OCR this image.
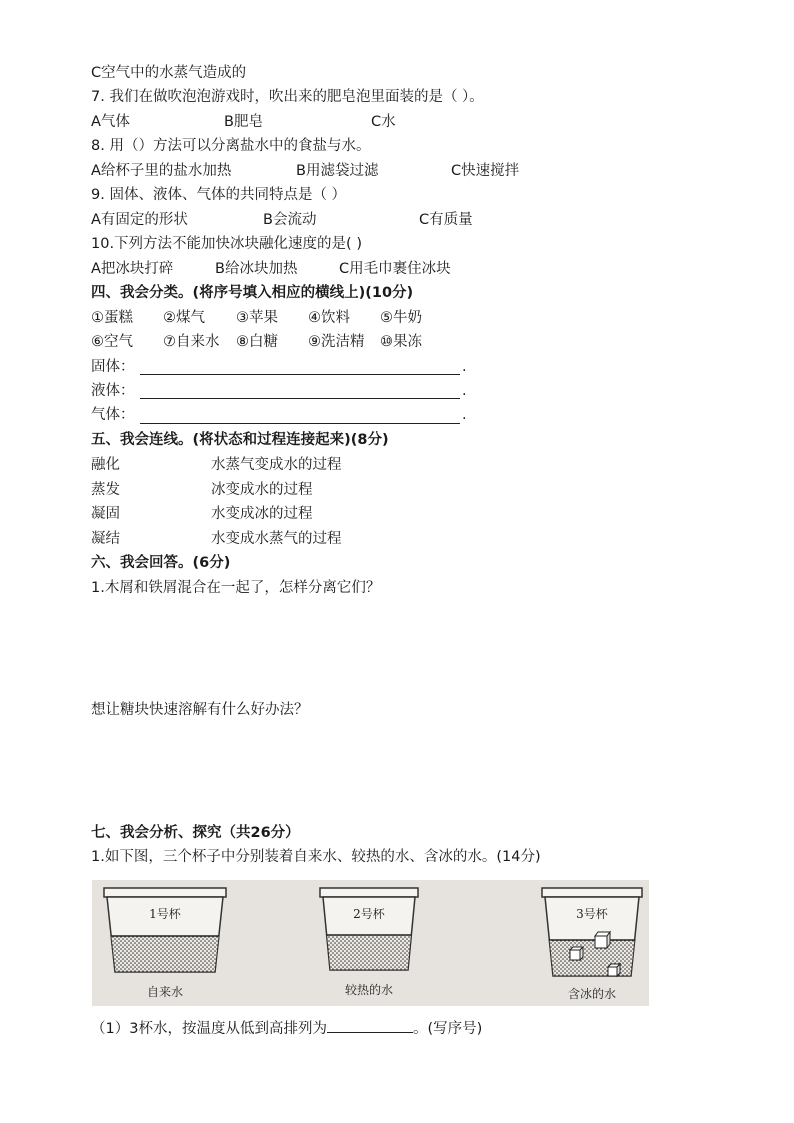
C空气中的水蒸气造成的
7. 我们在做吹泡泡游戏时，吹出来的肥皂泡里面装的是（ ）。
A气体	B肥皂	C水
8. 用（）方法可以分离盐水中的食盐与水。
A给杯子里的盐水加热	B用滤袋过滤	C快速搅拌
9. 固体、液体、气体的共同特点是（ ）
A有固定的形状	B会流动	C有质量
10.下列方法不能加快冰块融化速度的是( )
A把冰块打碎	B给冰块加热	C用毛巾裹住冰块
四、我会分类。(将序号填入相应的横线上)(10分)
①蛋糕 ②煤气 ③苹果 ④饮料 ⑤牛奶
⑥空气 ⑦自来水 ⑧白糖 ⑨洗洁精 ⑩果冻
固体：	.
液体：	.
气体：	.
五、我会连线。(将状态和过程连接起来)(8分)
融化	水蒸气变成水的过程
蒸发	冰变成水的过程
凝固	水变成冰的过程
凝结	水变成水蒸气的过程
六、我会回答。(6分)
1.木屑和铁屑混合在一起了，怎样分离它们？
想让糖块快速溶解有什么好办法？
七、我会分析、探究（共26分）
1.如下图，三个杯子中分别装着自来水、较热的水、含冰的水。(14分)
1号杯
自来水
2号杯
较热的水
3号杯
含冰的水
（1）3杯水，按温度从低到高排列为	。(写序号)
